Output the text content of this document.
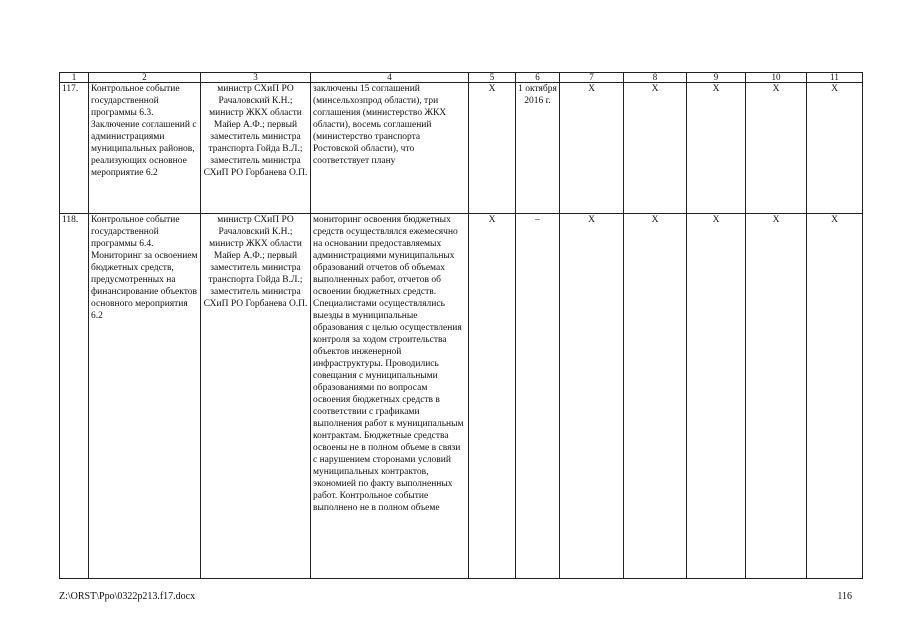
1	2	3	4	5	6	7	8	9	10	11
117.	Контрольное событие государственной программы 6.3. Заключение соглашений с администрациями муниципальных районов, реализующих основное мероприятие 6.2	министр СХиП РО Рачаловский К.Н.; министр ЖКХ области Майер А.Ф.; первый заместитель министра транспорта Гойда В.Л.; заместитель министра СХиП РО Горбанева О.П.	заключены 15 соглашений (минсельхозпрод области), три соглашения (министерство ЖКХ области), восемь соглашений (министерство транспорта Ростовской области), что соответствует плану	X	1 октября 2016 г.	X	X	X	X	X
118.	Контрольное событие государственной программы 6.4. Мониторинг за освоением бюджетных средств, предусмотренных на финансирование объектов основного мероприятия 6.2	министр СХиП РО Рачаловский К.Н.; министр ЖКХ области Майер А.Ф.; первый заместитель министра транспорта Гойда В.Л.; заместитель министра СХиП РО Горбанева О.П.	мониторинг освоения бюджетных средств осуществлялся ежемесячно на основании предоставляемых администрациями муниципальных образований отчетов об объемах выполненных работ, отчетов об освоении бюджетных средств. Специалистами осуществлялись выезды в муниципальные образования с целью осуществления контроля за ходом строительства объектов инженерной инфраструктуры. Проводились совещания с муниципальными образованиями по вопросам освоения бюджетных средств в соответствии с графиками выполнения работ к муниципальным контрактам. Бюджетные средства освоены не в полном объеме в связи с нарушением сторонами условий муниципальных контрактов, экономией по факту выполненных работ. Контрольное событие выполнено не в полном объеме	X	–	X	X	X	X	X
Z:\ORST\Ppo\0322p213.f17.docx	116
